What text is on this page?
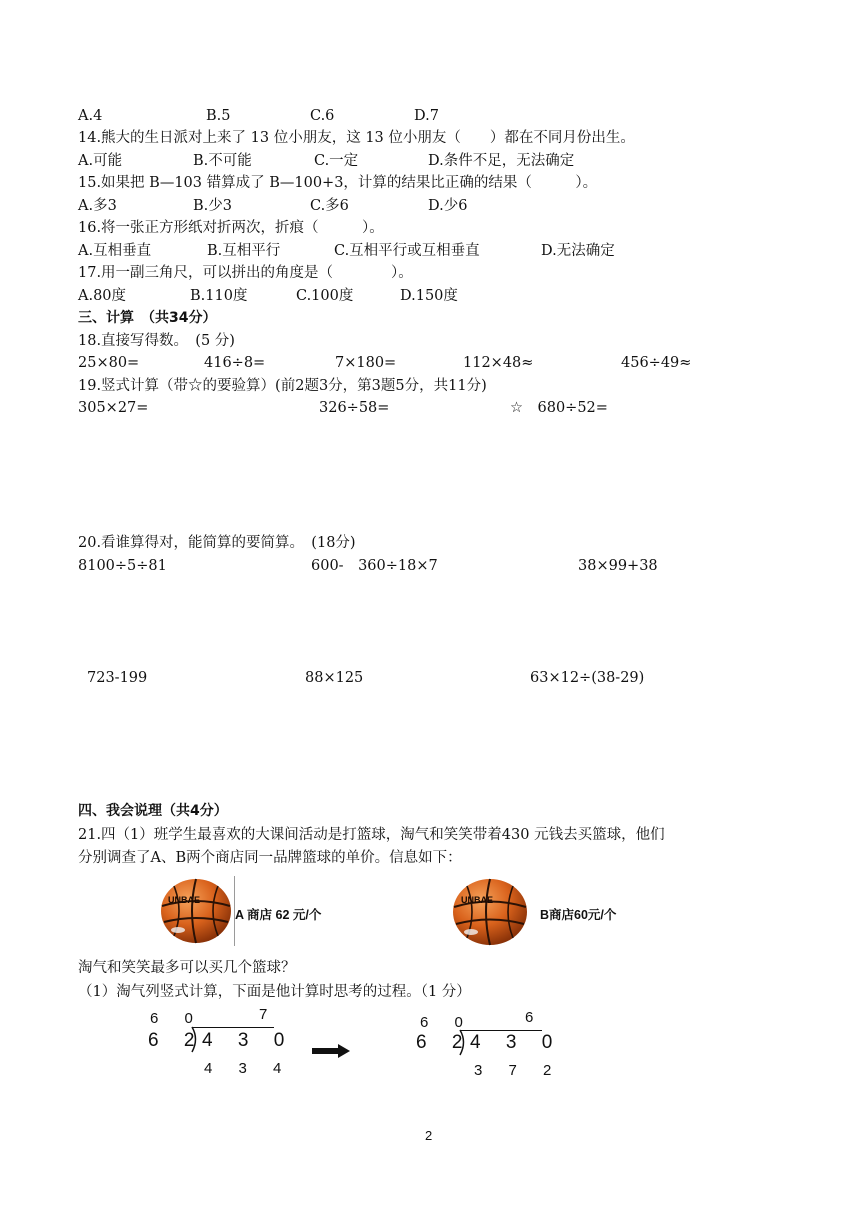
A.4	B.5	C.6	D.7
14.熊大的生日派对上来了 13 位小朋友，这 13 位小朋友（　　）都在不同月份出生。
A.可能	B.不可能	C.一定	D.条件不足，无法确定
15.如果把 B—103 错算成了 B—100+3，计算的结果比正确的结果（　　　）。
A.多3	B.少3	C.多6	D.少6
16.将一张正方形纸对折两次，折痕（　　　）。
A.互相垂直	B.互相平行	C.互相平行或互相垂直	D.无法确定
17.用一副三角尺，可以拼出的角度是（　　　　）。
A.80度	B.110度	C.100度	D.150度
三、计算　（共34分）
18.直接写得数。　(5 分)
25×80=	416÷8=	7×180=	112×48≈	456÷49≈
19.竖式计算（带☆的要验算）(前2题3分，第3题5分，共11分)
305×27=	326÷58=	☆　680÷52=
20.看谁算得对，能简算的要简算。　(18分)
8100÷5÷81	600-　360÷18×7	38×99+38
723-199	88×125	63×12÷(38-29)
四、我会说理（共4分）
21.四（1）班学生最喜欢的大课间活动是打篮球，淘气和笑笑带着430 元钱去买篮球，他们
分别调查了A、B两个商店同一品牌篮球的单价。信息如下：
UNBAE
A 商店 62 元/个
UNBAE
B商店60元/个
淘气和笑笑最多可以买几个篮球？
（1）淘气列竖式计算，下面是他计算时思考的过程。（1 分）
6 0	7
6 2
4 3 0
4 3 4
6 0	6
6 2
4 3 0
3 7 2
2
